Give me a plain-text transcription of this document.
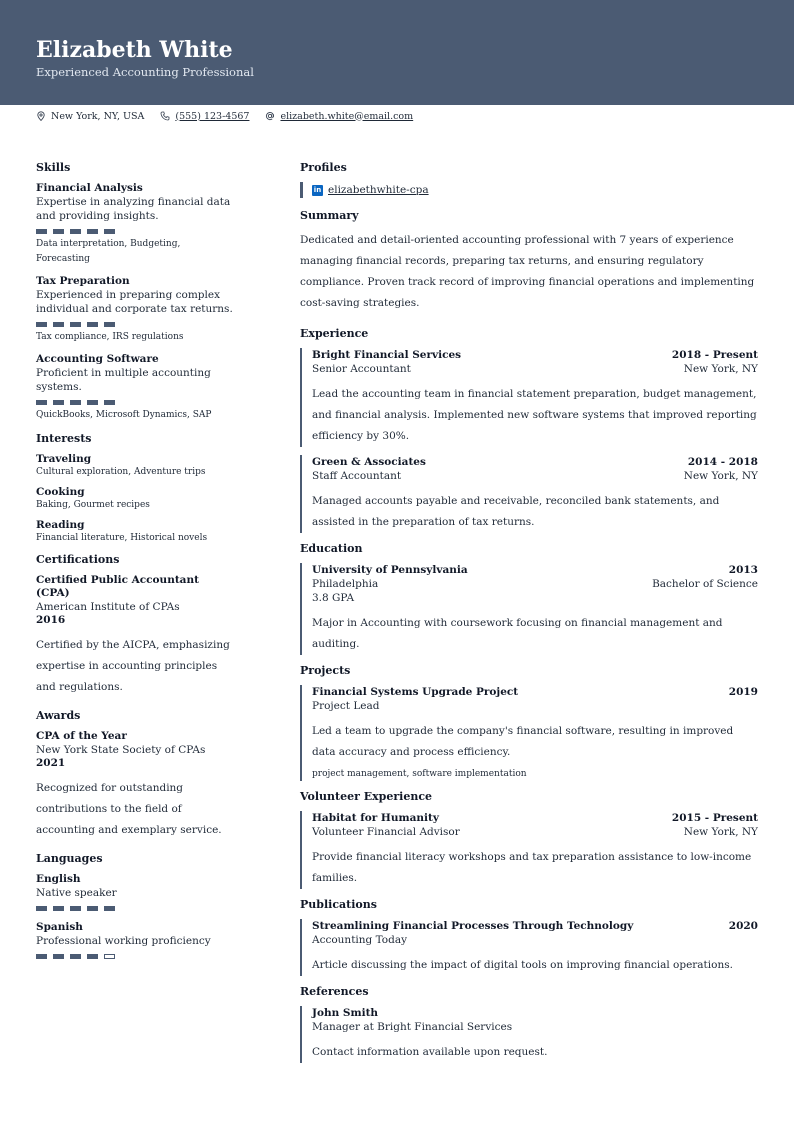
Elizabeth White
Experienced Accounting Professional
New York, NY, USA	(555) 123-4567	elizabeth.white@email.com
Skills
Financial Analysis
Expertise in analyzing financial data and providing insights.
Data interpretation, Budgeting, Forecasting
Tax Preparation
Experienced in preparing complex individual and corporate tax returns.
Tax compliance, IRS regulations
Accounting Software
Proficient in multiple accounting systems.
QuickBooks, Microsoft Dynamics, SAP
Interests
Traveling
Cultural exploration, Adventure trips
Cooking
Baking, Gourmet recipes
Reading
Financial literature, Historical novels
Certifications
Certified Public Accountant (CPA)
American Institute of CPAs
2016
Certified by the AICPA, emphasizing expertise in accounting principles and regulations.
Awards
CPA of the Year
New York State Society of CPAs
2021
Recognized for outstanding contributions to the field of accounting and exemplary service.
Languages
English
Native speaker
Spanish
Professional working proficiency
Profiles
in elizabethwhite-cpa
Summary
Dedicated and detail-oriented accounting professional with 7 years of experience managing financial records, preparing tax returns, and ensuring regulatory compliance. Proven track record of improving financial operations and implementing cost-saving strategies.
Experience
Bright Financial Services	2018 - Present
Senior Accountant	New York, NY
Lead the accounting team in financial statement preparation, budget management, and financial analysis. Implemented new software systems that improved reporting efficiency by 30%.
Green & Associates	2014 - 2018
Staff Accountant	New York, NY
Managed accounts payable and receivable, reconciled bank statements, and assisted in the preparation of tax returns.
Education
University of Pennsylvania	2013
Philadelphia	Bachelor of Science
3.8 GPA
Major in Accounting with coursework focusing on financial management and auditing.
Projects
Financial Systems Upgrade Project	2019
Project Lead
Led a team to upgrade the company's financial software, resulting in improved data accuracy and process efficiency.
project management, software implementation
Volunteer Experience
Habitat for Humanity	2015 - Present
Volunteer Financial Advisor	New York, NY
Provide financial literacy workshops and tax preparation assistance to low-income families.
Publications
Streamlining Financial Processes Through Technology	2020
Accounting Today
Article discussing the impact of digital tools on improving financial operations.
References
John Smith
Manager at Bright Financial Services
Contact information available upon request.
